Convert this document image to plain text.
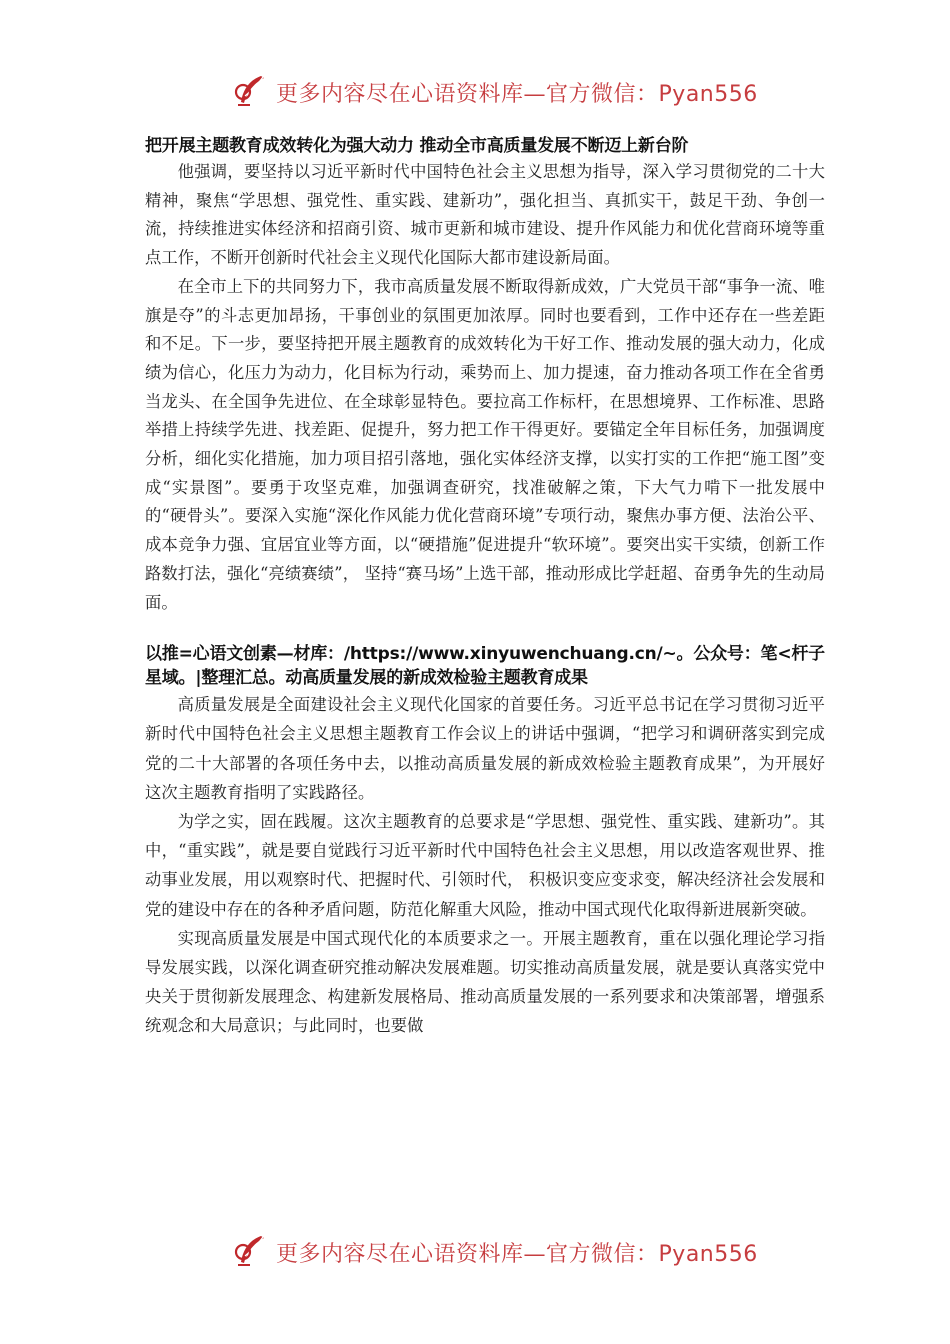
更多内容尽在心语资料库—官方微信：Pyan556
把开展主题教育成效转化为强大动力 推动全市高质量发展不断迈上新台阶

他强调，要坚持以习近平新时代中国特色社会主义思想为指导，深入学习贯彻党的二十大精神，聚焦“学思想、强党性、重实践、建新功”，强化担当、真抓实干，鼓足干劲、争创一流，持续推进实体经济和招商引资、城市更新和城市建设、提升作风能力和优化营商环境等重点工作，不断开创新时代社会主义现代化国际大都市建设新局面。

在全市上下的共同努力下，我市高质量发展不断取得新成效，广大党员干部“事争一流、唯旗是夺”的斗志更加昂扬，干事创业的氛围更加浓厚。同时也要看到，工作中还存在一些差距和不足。下一步，要坚持把开展主题教育的成效转化为干好工作、推动发展的强大动力，化成绩为信心，化压力为动力，化目标为行动，乘势而上、加力提速，奋力推动各项工作在全省勇当龙头、在全国争先进位、在全球彰显特色。要拉高工作标杆，在思想境界、工作标准、思路举措上持续学先进、找差距、促提升，努力把工作干得更好。要锚定全年目标任务，加强调度分析，细化实化措施，加力项目招引落地，强化实体经济支撑，以实打实的工作把“施工图”变成“实景图”。要勇于攻坚克难，加强调查研究，找准破解之策，下大气力啃下一批发展中的“硬骨头”。要深入实施“深化作风能力优化营商环境”专项行动，聚焦办事方便、法治公平、成本竞争力强、宜居宜业等方面，以“硬措施”促进提升“软环境”。要突出实干实绩，创新工作路数打法，强化“亮绩赛绩”， 坚持“赛马场”上选干部，推动形成比学赶超、奋勇争先的生动局面。

以推=心语文创素—材库：/https://www.xinyuwenchuang.cn/~。公众号：笔<杆子星域。|整理汇总。动高质量发展的新成效检验主题教育成果

高质量发展是全面建设社会主义现代化国家的首要任务。习近平总书记在学习贯彻习近平新时代中国特色社会主义思想主题教育工作会议上的讲话中强调，“把学习和调研落实到完成党的二十大部署的各项任务中去，以推动高质量发展的新成效检验主题教育成果”，为开展好这次主题教育指明了实践路径。

为学之实，固在践履。这次主题教育的总要求是“学思想、强党性、重实践、建新功”。其中，“重实践”，就是要自觉践行习近平新时代中国特色社会主义思想，用以改造客观世界、推动事业发展，用以观察时代、把握时代、引领时代， 积极识变应变求变，解决经济社会发展和党的建设中存在的各种矛盾问题，防范化解重大风险，推动中国式现代化取得新进展新突破。

实现高质量发展是中国式现代化的本质要求之一。开展主题教育，重在以强化理论学习指导发展实践，以深化调查研究推动解决发展难题。切实推动高质量发展，就是要认真落实党中央关于贯彻新发展理念、构建新发展格局、推动高质量发展的一系列要求和决策部署，增强系统观念和大局意识；与此同时，也要做

更多内容尽在心语资料库—官方微信：Pyan556
